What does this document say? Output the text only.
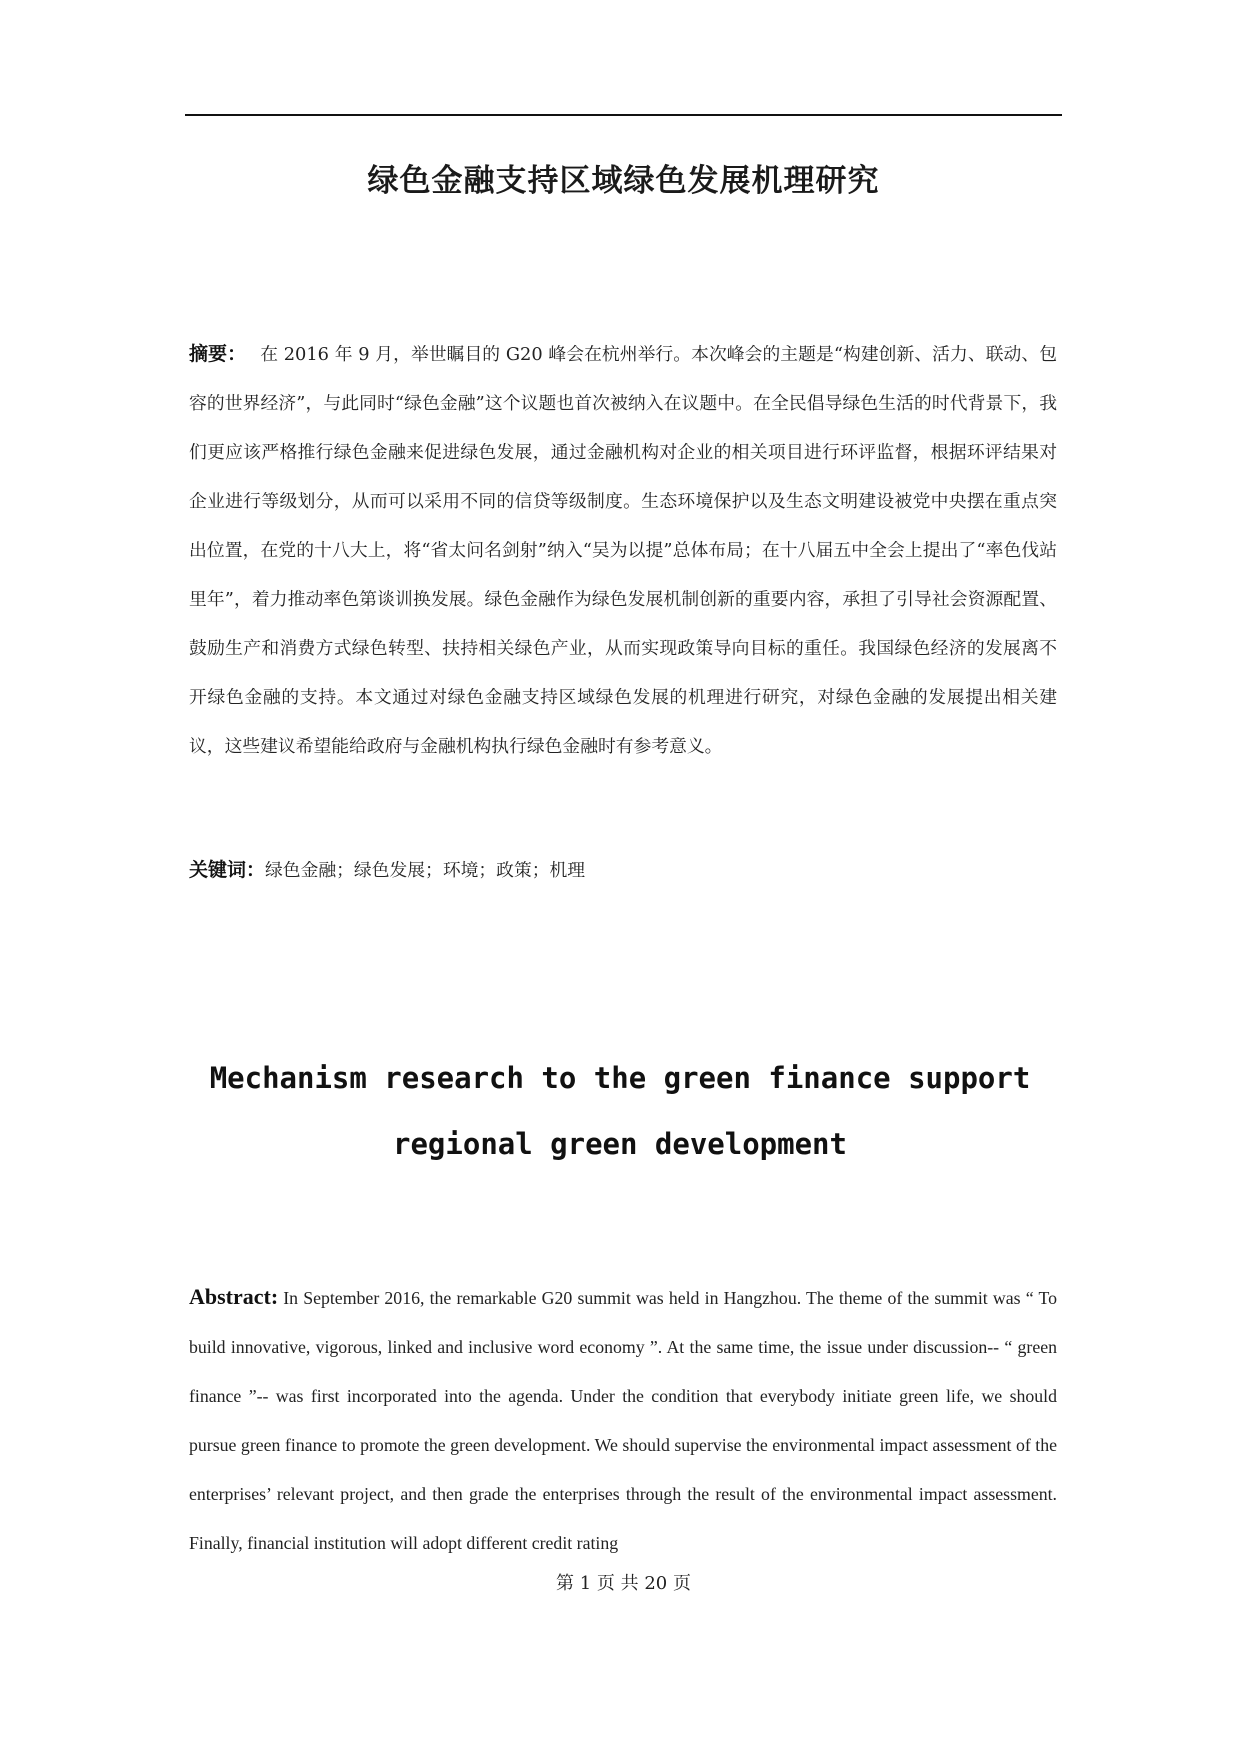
绿色金融支持区域绿色发展机理研究

摘要： 在 2016 年 9 月，举世瞩目的 G20 峰会在杭州举行。本次峰会的主题是“构建创新、活力、联动、包容的世界经济”，与此同时“绿色金融”这个议题也首次被纳入在议题中。在全民倡导绿色生活的时代背景下，我们更应该严格推行绿色金融来促进绿色发展，通过金融机构对企业的相关项目进行环评监督，根据环评结果对企业进行等级划分，从而可以采用不同的信贷等级制度。生态环境保护以及生态文明建设被党中央摆在重点突出位置，在党的十八大上，将“省太问名剑射”纳入“吴为以提”总体布局；在十八届五中全会上提出了“率色伐站里年”，着力推动率色第谈训换发展。绿色金融作为绿色发展机制创新的重要内容，承担了引导社会资源配置、鼓励生产和消费方式绿色转型、扶持相关绿色产业，从而实现政策导向目标的重任。我国绿色经济的发展离不开绿色金融的支持。本文通过对绿色金融支持区域绿色发展的机理进行研究，对绿色金融的发展提出相关建议，这些建议希望能给政府与金融机构执行绿色金融时有参考意义。

关键词：绿色金融；绿色发展；环境；政策；机理

Mechanism research to the green finance support
regional green development

Abstract: In September 2016, the remarkable G20 summit was held in Hangzhou. The theme of the summit was “ To build innovative, vigorous, linked and inclusive word economy ”. At the same time, the issue under discussion-- “ green finance ”-- was first incorporated into the agenda. Under the condition that everybody initiate green life, we should pursue green finance to promote the green development. We should supervise the environmental impact assessment of the enterprises’ relevant project, and then grade the enterprises through the result of the environmental impact assessment. Finally, financial institution will adopt different credit rating

第 1 页 共 20 页
